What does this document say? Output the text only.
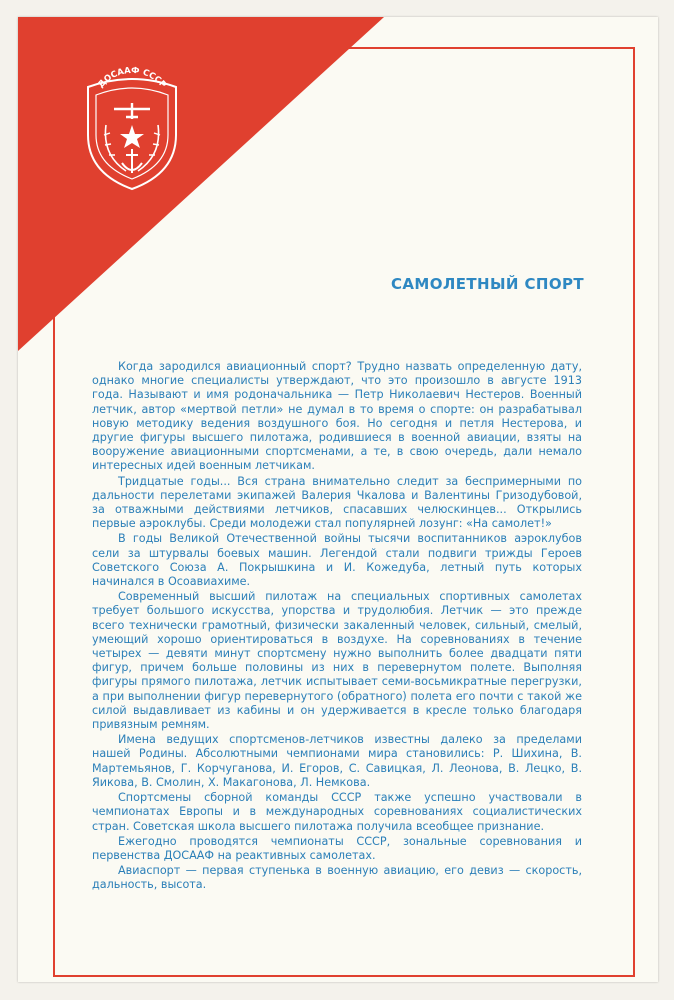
ДОСААФ СССР
САМОЛЕТНЫЙ СПОРТ

Когда зародился авиационный спорт? Трудно назвать определенную дату, однако многие специалисты утверждают, что это произошло в августе 1913 года. Называют и имя родоначальника — Петр Николаевич Нестеров. Военный летчик, автор «мертвой петли» не думал в то время о спорте: он разрабатывал новую методику ведения воздушного боя. Но сегодня и петля Нестерова, и другие фигуры высшего пилотажа, родившиеся в военной авиации, взяты на вооружение авиационными спортсменами, а те, в свою очередь, дали немало интересных идей военным летчикам.

Тридцатые годы... Вся страна внимательно следит за беспримерными по дальности перелетами экипажей Валерия Чкалова и Валентины Гризодубовой, за отважными действиями летчиков, спасавших челюскинцев... Открылись первые аэроклубы. Среди молодежи стал популярней лозунг: «На самолет!»

В годы Великой Отечественной войны тысячи воспитанников аэроклубов сели за штурвалы боевых машин. Легендой стали подвиги трижды Героев Советского Союза А. Покрышкина и И. Кожедуба, летный путь которых начинался в Осоавиахиме.

Современный высший пилотаж на специальных спортивных самолетах требует большого искусства, упорства и трудолюбия. Летчик — это прежде всего технически грамотный, физически закаленный человек, сильный, смелый, умеющий хорошо ориентироваться в воздухе. На соревнованиях в течение четырех — девяти минут спортсмену нужно выполнить более двадцати пяти фигур, причем больше половины из них в перевернутом полете. Выполняя фигуры прямого пилотажа, летчик испытывает семи-восьмикратные перегрузки, а при выполнении фигур перевернутого (обратного) полета его почти с такой же силой выдавливает из кабины и он удерживается в кресле только благодаря привязным ремням.

Имена ведущих спортсменов-летчиков известны далеко за пределами нашей Родины. Абсолютными чемпионами мира становились: Р. Шихина, В. Мартемьянов, Г. Корчуганова, И. Егоров, С. Савицкая, Л. Леонова, В. Лецко, В. Яикова, В. Смолин, Х. Макагонова, Л. Немкова.

Спортсмены сборной команды СССР также успешно участвовали в чемпионатах Европы и в международных соревнованиях социалистических стран. Советская школа высшего пилотажа получила всеобщее признание.

Ежегодно проводятся чемпионаты СССР, зональные соревнования и первенства ДОСААФ на реактивных самолетах.

Авиаспорт — первая ступенька в военную авиацию, его девиз — скорость, дальность, высота.
